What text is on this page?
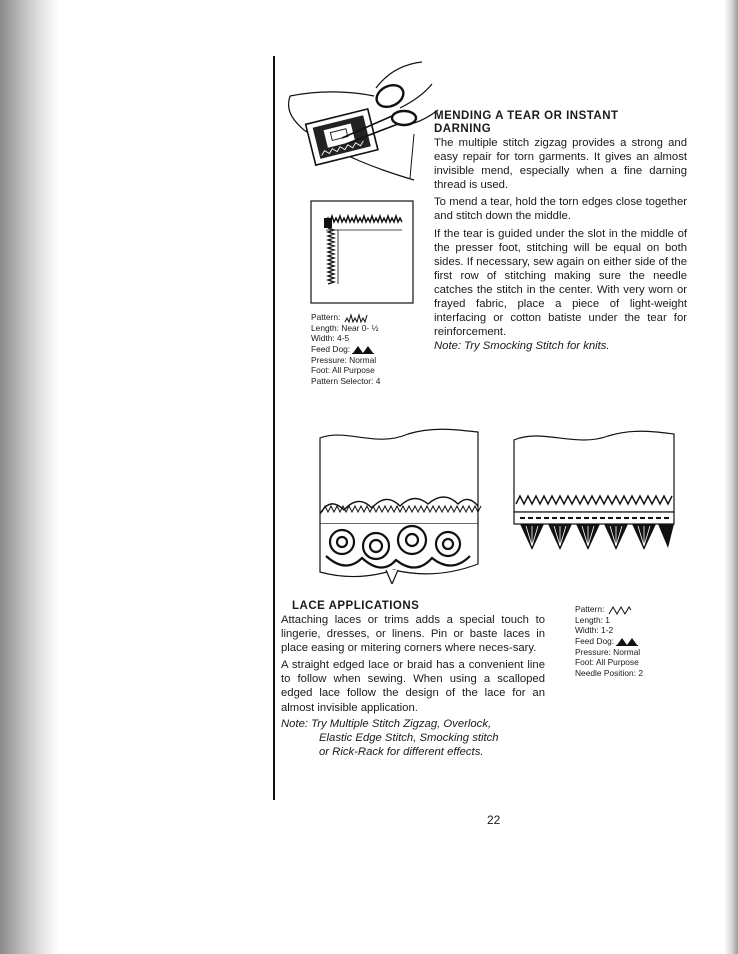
MENDING A TEAR OR INSTANT
DARNING

The multiple stitch zigzag provides a strong and easy repair for torn garments. It gives an almost invisible mend, especially when a fine darning thread is used.

To mend a tear, hold the torn edges close together and stitch down the middle.

If the tear is guided under the slot in the middle of the presser foot, stitching will be equal on both sides. If necessary, sew again on either side of the first row of stitching making sure the needle catches the stitch in the center. With very worn or frayed fabric, place a piece of light-weight interfacing or cotton batiste under the tear for reinforcement.

Note: Try Smocking Stitch for knits.

Pattern:
Length: Near 0- ½
Width: 4-5
Feed Dog:
Pressure: Normal
Foot: All Purpose
Pattern Selector: 4
LACE APPLICATIONS

Attaching laces or trims adds a special touch to lingerie, dresses, or linens. Pin or baste laces in place easing or mitering corners where neces-sary.

A straight edged lace or braid has a convenient line to follow when sewing. When using a scalloped edged lace follow the design of the lace for an almost invisible application.

Note: Try Multiple Stitch Zigzag, Overlock,

Elastic Edge Stitch, Smocking stitch

or Rick-Rack for different effects.

Pattern:
Length: 1
Width: 1-2
Feed Dog:
Pressure: Normal
Foot: All Purpose
Needle Position: 2
22
